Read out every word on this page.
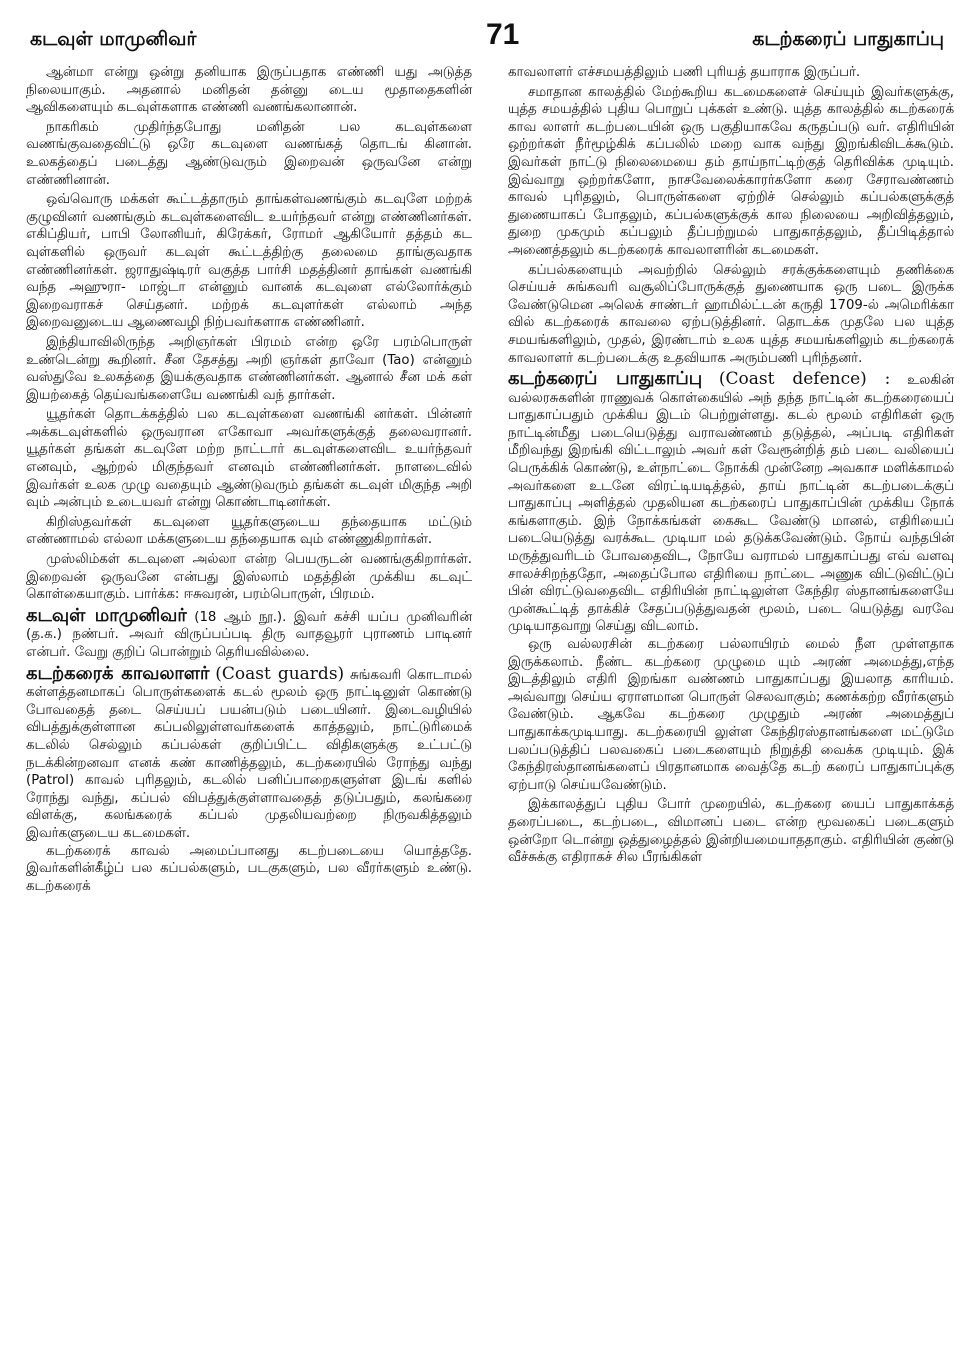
கடவுள் மாமுனிவர்	71	கடற்கரைப் பாதுகாப்பு

ஆன்மா என்று ஒன்று தனியாக இருப்பதாக எண்ணி யது அடுத்த நிலையாகும். அதனால் மனிதன் தன்னு டைய மூதாதைகளின் ஆவிகளையும் கடவுள்களாக எண்ணி வணங்கலானான்.

நாகரிகம் முதிர்ந்தபோது மனிதன் பல கடவுள்களை வணங்குவதைவிட்டு ஒரே கடவுளை வணங்கத் தொடங் கினான். உலகத்தைப் படைத்து ஆண்டுவரும் இறைவன் ஒருவனே என்று எண்ணினான்.

ஒவ்வொரு மக்கள் கூட்டத்தாரும் தாங்கள்வணங்கும் கடவுளே மற்றக் குழுவினர் வணங்கும் கடவுள்களைவிட உயர்ந்தவர் என்று எண்ணினர்கள். எகிப்தியர், பாபி லோனியர், கிரேக்கர், ரோமர் ஆகியோர் தத்தம் கட வுள்களில் ஒருவர் கடவுள் கூட்டத்திற்கு தலைமை தாங்குவதாக எண்ணினர்கள். ஜராதுஷ்டிரர் வகுத்த பார்சி மதத்தினர் தாங்கள் வணங்கி வந்த அஹுரா- மாஜ்டா என்னும் வானக் கடவுளை எல்லோர்க்கும் இறைவராகச் செய்தனர். மற்றக் கடவுளர்கள் எல்லாம் அந்த இறைவனுடைய ஆணைவழி நிற்பவர்களாக எண்ணினர்.

இந்தியாவிலிருந்த அறிஞர்கள் பிரமம் என்ற ஒரே பரம்பொருள் உண்டென்று கூறினர். சீன தேசத்து அறி ஞர்கள் தாவோ (Tao) என்னும் வஸ்துவே உலகத்தை இயக்குவதாக எண்ணினர்கள். ஆனால் சீன மக் கள் இயற்கைத் தெய்வங்களையே வணங்கி வந் தார்கள்.

யூதர்கள் தொடக்கத்தில் பல கடவுள்களை வணங்கி னர்கள். பின்னர் அக்கடவுள்களில் ஒருவரான எகோவா அவர்களுக்குத் தலைவரானர். யூதர்கள் தங்கள் கடவுளே மற்ற நாட்டார் கடவுள்களைவிட உயர்ந்தவர் எனவும், ஆற்றல் மிகுந்தவர் எனவும் எண்ணினர்கள். நாளடைவில் இவர்கள் உலக முழு வதையும் ஆண்டுவரும் தங்கள் கடவுள் மிகுந்த அறி வும் அன்பும் உடையவர் என்று கொண்டாடினர்கள்.

கிறிஸ்தவர்கள் கடவுளை யூதர்களுடைய தந்தையாக மட்டும் எண்ணாமல் எல்லா மக்களுடைய தந்தையாக வும் எண்ணுகிறார்கள்.

முஸ்லிம்கள் கடவுளை அல்லா என்ற பெயருடன் வணங்குகிறார்கள். இறைவன் ஒருவனே என்பது இஸ்லாம் மதத்தின் முக்கிய கடவுட் கொள்கையாகும். பார்க்க: ஈசுவரன், பரம்பொருள், பிரமம்.

கடவுள் மாமுனிவர் (18 ஆம் நூ.). இவர் கச்சி யப்ப முனிவரின் (த.க.) நண்பர். அவர் விருப்பப்படி திரு வாதவூரர் புராணம் பாடினர் என்பர். வேறு குறிப் பொன்றும் தெரியவில்லை.
கடற்கரைக் காவலாளர் (Coast guards) சுங்கவரி கொடாமல் கள்ளத்தனமாகப் பொருள்களைக் கடல் மூலம் ஒரு நாட்டினுள் கொண்டு போவதைத் தடை செய்யப் பயன்படும் படையினர். இடைவழியில் விபத்துக்குள்ளான கப்பலிலுள்ளவர்களைக் காத்தலும், நாட்டுரிமைக் கடலில் செல்லும் கப்பல்கள் குறிப்பிட்ட விதிகளுக்கு உட்பட்டு நடக்கின்றனவா எனக் கண் காணித்தலும், கடற்கரையில் ரோந்து வந்து (Patrol) காவல் புரிதலும், கடலில் பனிப்பாறைகளுள்ள இடங் களில் ரோந்து வந்து, கப்பல் விபத்துக்குள்ளாவதைத் தடுப்பதும், கலங்கரை விளக்கு, கலங்கரைக் கப்பல் முதலியவற்றை நிருவகித்தலும் இவர்களுடைய கடமைகள்.

கடற்கரைக் காவல் அமைப்பானது கடற்படையை யொத்ததே. இவர்களின்கீழ்ப் பல கப்பல்களும், படகுகளும், பல வீரர்களும் உண்டு. கடற்கரைக்

காவலாளர் எச்சமயத்திலும் பணி புரியத் தயாராக இருப்பர்.

சமாதான காலத்தில் மேற்கூறிய கடமைகளைச் செய்யும் இவர்களுக்கு, யுத்த சமயத்தில் புதிய பொறுப் புக்கள் உண்டு. யுத்த காலத்தில் கடற்கரைக் காவ லாளர் கடற்படையின் ஒரு பகுதியாகவே கருதப்படு வர். எதிரியின் ஒற்றர்கள் நீர்மூழ்கிக் கப்பலில் மறை வாக வந்து இறங்கிவிடக்கூடும். இவர்கள் நாட்டு நிலைமையை தம் தாய்நாட்டிற்குத் தெரிவிக்க முடியும். இவ்வாறு ஒற்றர்களோ, நாசவேலைக்காரர்களோ கரை சேராவண்ணம் காவல் புரிதலும், பொருள்களை ஏற்றிச் செல்லும் கப்பல்களுக்குத் துணையாகப் போதலும், கப்பல்களுக்குக் கால நிலையை அறிவித்தலும், துறை முகமும் கப்பலும் தீப்பற்றுமல் பாதுகாத்தலும், தீப்பிடித்தால் அணைத்தலும் கடற்கரைக் காவலாளரின் கடமைகள்.

கப்பல்களையும் அவற்றில் செல்லும் சரக்குக்களையும் தணிக்கை செய்யச் சுங்கவரி வசூலிப்போருக்குத் துணையாக ஒரு படை இருக்க வேண்டுமென அலெக் சாண்டர் ஹாமில்ட்டன் கருதி 1709-ல் அமெரிக்கா வில் கடற்கரைக் காவலை ஏற்படுத்தினர். தொடக்க முதலே பல யுத்த சமயங்களிலும், முதல், இரண்டாம் உலக யுத்த சமயங்களிலும் கடற்கரைக் காவலாளர் கடற்படைக்கு உதவியாக அரும்பணி புரிந்தனர்.

கடற்கரைப் பாதுகாப்பு (Coast defence) : உலகின் வல்லரசுகளின் ராணுவக் கொள்கையில் அந் தந்த நாட்டின் கடற்கரையைப் பாதுகாப்பதும் முக்கிய இடம் பெற்றுள்ளது. கடல் மூலம் எதிரிகள் ஒரு நாட்டின்மீது படையெடுத்து வராவண்ணம் தடுத்தல், அப்படி எதிரிகள் மீறிவந்து இறங்கி விட்டாலும் அவர் கள் வேரூன்றித் தம் படை வலியைப் பெருக்கிக் கொண்டு, உள்நாட்டை நோக்கி முன்னேற அவகாச மளிக்காமல் அவர்களை உடனே விரட்டியடித்தல், தாய் நாட்டின் கடற்படைக்குப் பாதுகாப்பு அளித்தல் முதலியன கடற்கரைப் பாதுகாப்பின் முக்கிய நோக் கங்களாகும். இந் நோக்கங்கள் கைகூட வேண்டு மானல், எதிரியைப் படையெடுத்து வரக்கூட முடியா மல் தடுக்கவேண்டும். நோய் வந்தபின் மருத்துவரிடம் போவதைவிட, நோயே வராமல் பாதுகாப்பது எவ் வளவு சாலச்சிறந்ததோ, அதைப்போல எதிரியை நாட்டை அணுக விட்டுவிட்டுப் பின் விரட்டுவதைவிட எதிரியின் நாட்டிலுள்ள கேந்திர ஸ்தானங்களையே முன்கூட்டித் தாக்கிச் சேதப்படுத்துவதன் மூலம், படை யெடுத்து வரவே முடியாதவாறு செய்து விடலாம்.

ஒரு வல்லரசின் கடற்கரை பல்லாயிரம் மைல் நீள முள்ளதாக இருக்கலாம். நீண்ட கடற்கரை முழுமை யும் அரண் அமைத்து,எந்த இடத்திலும் எதிரி இறங்கா வண்ணம் பாதுகாப்பது இயலாத காரியம். அவ்வாறு செய்ய ஏராளமான பொருள் செலவாகும்; கணக்கற்ற வீரர்களும் வேண்டும். ஆகவே கடற்கரை முழுதும் அரண் அமைத்துப் பாதுகாக்கமுடியாது. கடற்கரையி லுள்ள கேந்திரஸ்தானங்களை மட்டுமே பலப்படுத்திப் பலவகைப் படைகளையும் நிறுத்தி வைக்க முடியும். இக் கேந்திரஸ்தானங்களைப் பிரதானமாக வைத்தே கடற் கரைப் பாதுகாப்புக்கு ஏற்பாடு செய்யவேண்டும்.

இக்காலத்துப் புதிய போர் முறையில், கடற்கரை யைப் பாதுகாக்கத் தரைப்படை, கடற்படை, விமானப் படை என்ற மூவகைப் படைகளும் ஒன்றோ டொன்று ஒத்துழைத்தல் இன்றியமையாததாகும். எதிரியின் குண்டு வீச்சுக்கு எதிராகச் சில பீரங்கிகள்
